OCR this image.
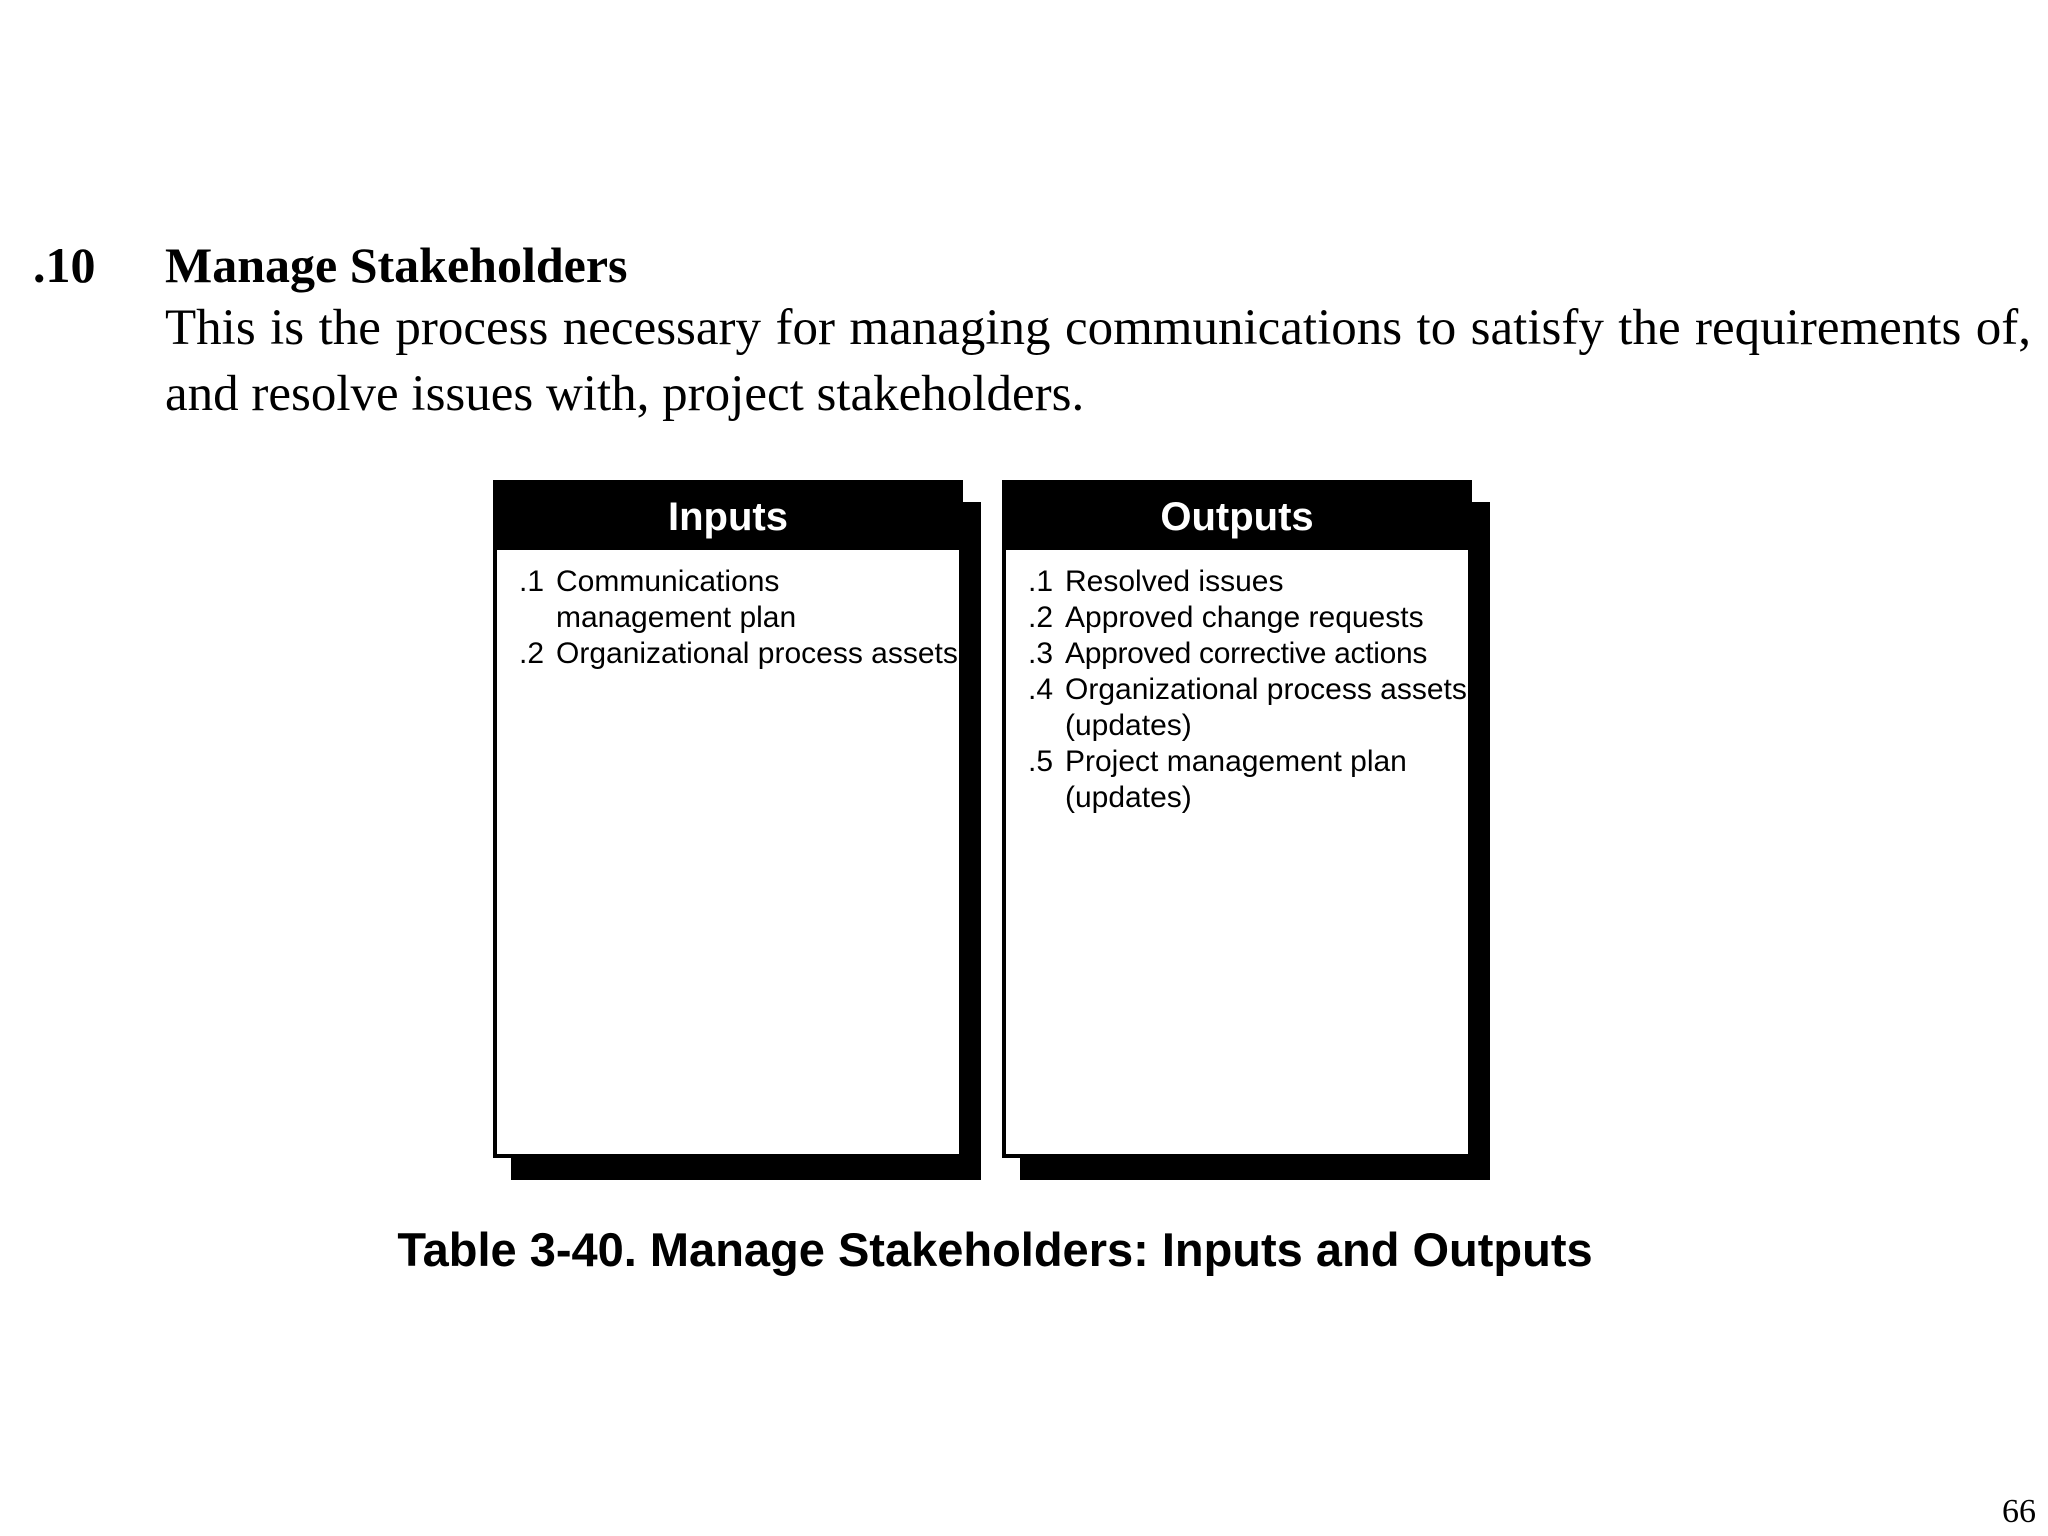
.10 Manage Stakeholders
This is the process necessary for managing communications to satisfy the requirements of, and resolve issues with, project stakeholders.
Inputs
.1 Communications management plan
.2 Organizational process assets
Outputs
.1 Resolved issues
.2 Approved change requests
.3 Approved corrective actions
.4 Organizational process assets (updates)
.5 Project management plan (updates)
Table 3-40. Manage Stakeholders: Inputs and Outputs
66
